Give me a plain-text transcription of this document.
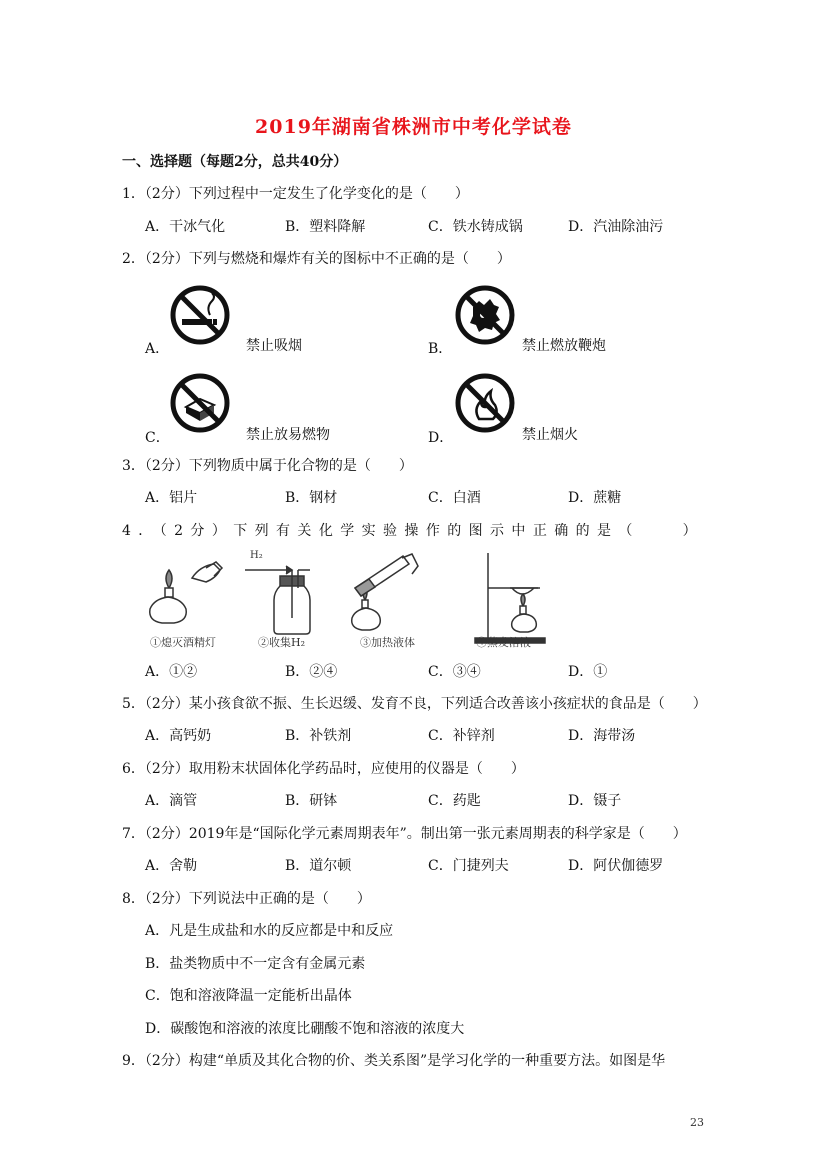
2019年湖南省株洲市中考化学试卷
一、选择题（每题2分，总共40分）
1．（2分）下列过程中一定发生了化学变化的是（　　）
A．干冰气化	B．塑料降解	C．铁水铸成锅	D．汽油除油污
2．（2分）下列与燃烧和爆炸有关的图标中不正确的是（　　）
A．	禁止吸烟	B．	禁止燃放鞭炮
C．	禁止放易燃物	D．	禁止烟火
3．（2分）下列物质中属于化合物的是（　　）
A．铝片	B．钢材	C．白酒	D．蔗糖
4．（2分）下列有关化学实验操作的图示中正确的是（　　）
①熄灭酒精灯	②收集H₂	③加热液体	④蒸发溶液
H₂
A．①②	B．②④	C．③④	D．①
5．（2分）某小孩食欲不振、生长迟缓、发育不良，下列适合改善该小孩症状的食品是（　　）
A．高钙奶	B．补铁剂	C．补锌剂	D．海带汤
6．（2分）取用粉末状固体化学药品时，应使用的仪器是（　　）
A．滴管	B．研钵	C．药匙	D．镊子
7．（2分）2019年是“国际化学元素周期表年”。制出第一张元素周期表的科学家是（　　）
A．舍勒	B．道尔顿	C．门捷列夫	D．阿伏伽德罗
8．（2分）下列说法中正确的是（　　）
A．凡是生成盐和水的反应都是中和反应
B．盐类物质中不一定含有金属元素
C．饱和溶液降温一定能析出晶体
D．碳酸饱和溶液的浓度比硼酸不饱和溶液的浓度大
9．（2分）构建“单质及其化合物的价、类关系图”是学习化学的一种重要方法。如图是华
23
